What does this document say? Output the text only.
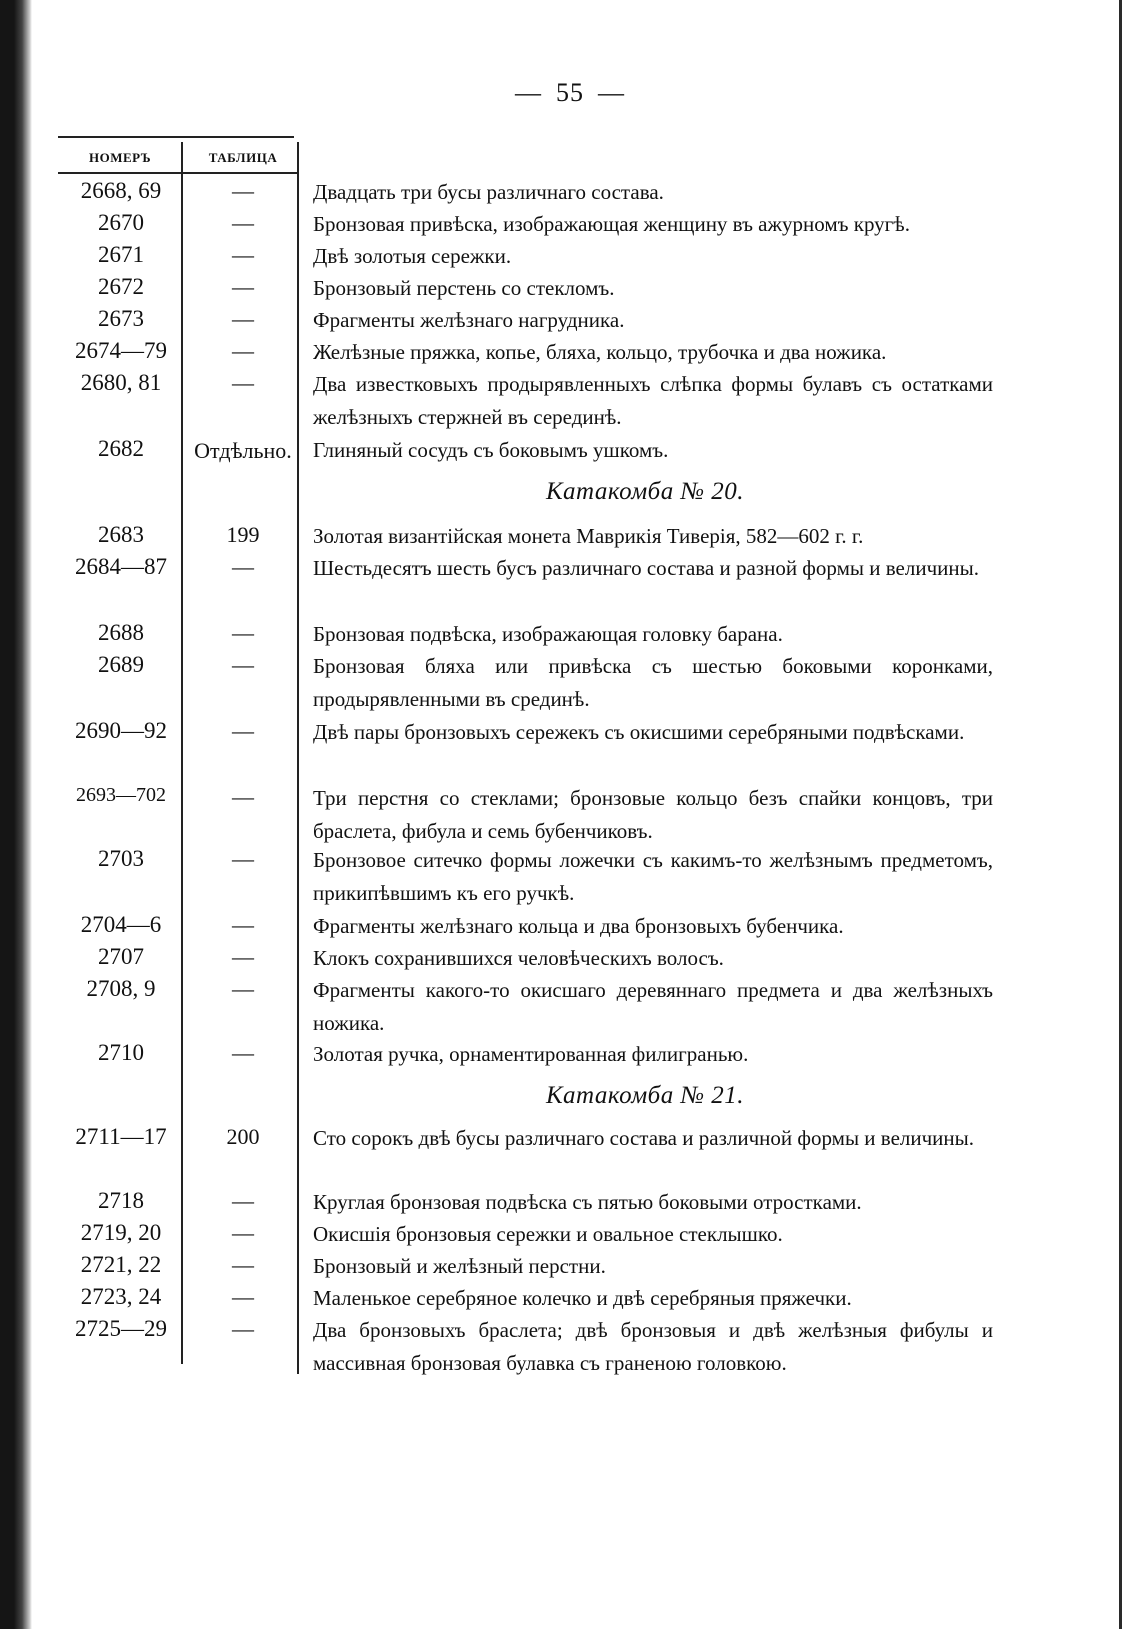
— 55 —
НОМЕРЪ	ТАБЛИЦА
2668, 69	—	Двадцать три бусы различнаго состава.
2670	—	Бронзовая привѣска, изображающая женщину въ ажурномъ кругѣ.
2671	—	Двѣ золотыя сережки.
2672	—	Бронзовый перстень со стекломъ.
2673	—	Фрагменты желѣзнаго нагрудника.
2674—79	—	Желѣзные пряжка, копье, бляха, кольцо, трубочка и два ножика.
2680, 81	—	Два известковыхъ продырявленныхъ слѣпка формы булавъ съ остатками желѣзныхъ стержней въ серединѣ.
2682	Отдѣльно.	Глиняный сосудъ съ боковымъ ушкомъ.
Катакомба № 20.
2683	199	Золотая византійская монета Маврикія Тиверія, 582—602 г. г.
2684—87	—	Шестьдесятъ шесть бусъ различнаго состава и разной формы и величины.
2688	—	Бронзовая подвѣска, изображающая головку барана.
2689	—	Бронзовая бляха или привѣска съ шестью боковыми коронками, продырявленными въ срединѣ.
2690—92	—	Двѣ пары бронзовыхъ сережекъ съ окисшими серебряными подвѣсками.
2693—702	—	Три перстня со стеклами; бронзовые кольцо безъ спайки концовъ, три браслета, фибула и семь бубенчиковъ.
2703	—	Бронзовое ситечко формы ложечки съ какимъ-то желѣзнымъ предметомъ, прикипѣвшимъ къ его ручкѣ.
2704—6	—	Фрагменты желѣзнаго кольца и два бронзовыхъ бубенчика.
2707	—	Клокъ сохранившихся человѣческихъ волосъ.
2708, 9	—	Фрагменты какого-то окисшаго деревяннаго предмета и два желѣзныхъ ножика.
2710	—	Золотая ручка, орнаментированная филигранью.
Катакомба № 21.
2711—17	200	Сто сорокъ двѣ бусы различнаго состава и различной формы и величины.
2718	—	Круглая бронзовая подвѣска съ пятью боковыми отростками.
2719, 20	—	Окисшія бронзовыя сережки и овальное стеклышко.
2721, 22	—	Бронзовый и желѣзный перстни.
2723, 24	—	Маленькое серебряное колечко и двѣ серебряныя пряжечки.
2725—29	—	Два бронзовыхъ браслета; двѣ бронзовыя и двѣ желѣзныя фибулы и массивная бронзовая булавка съ граненою головкою.
